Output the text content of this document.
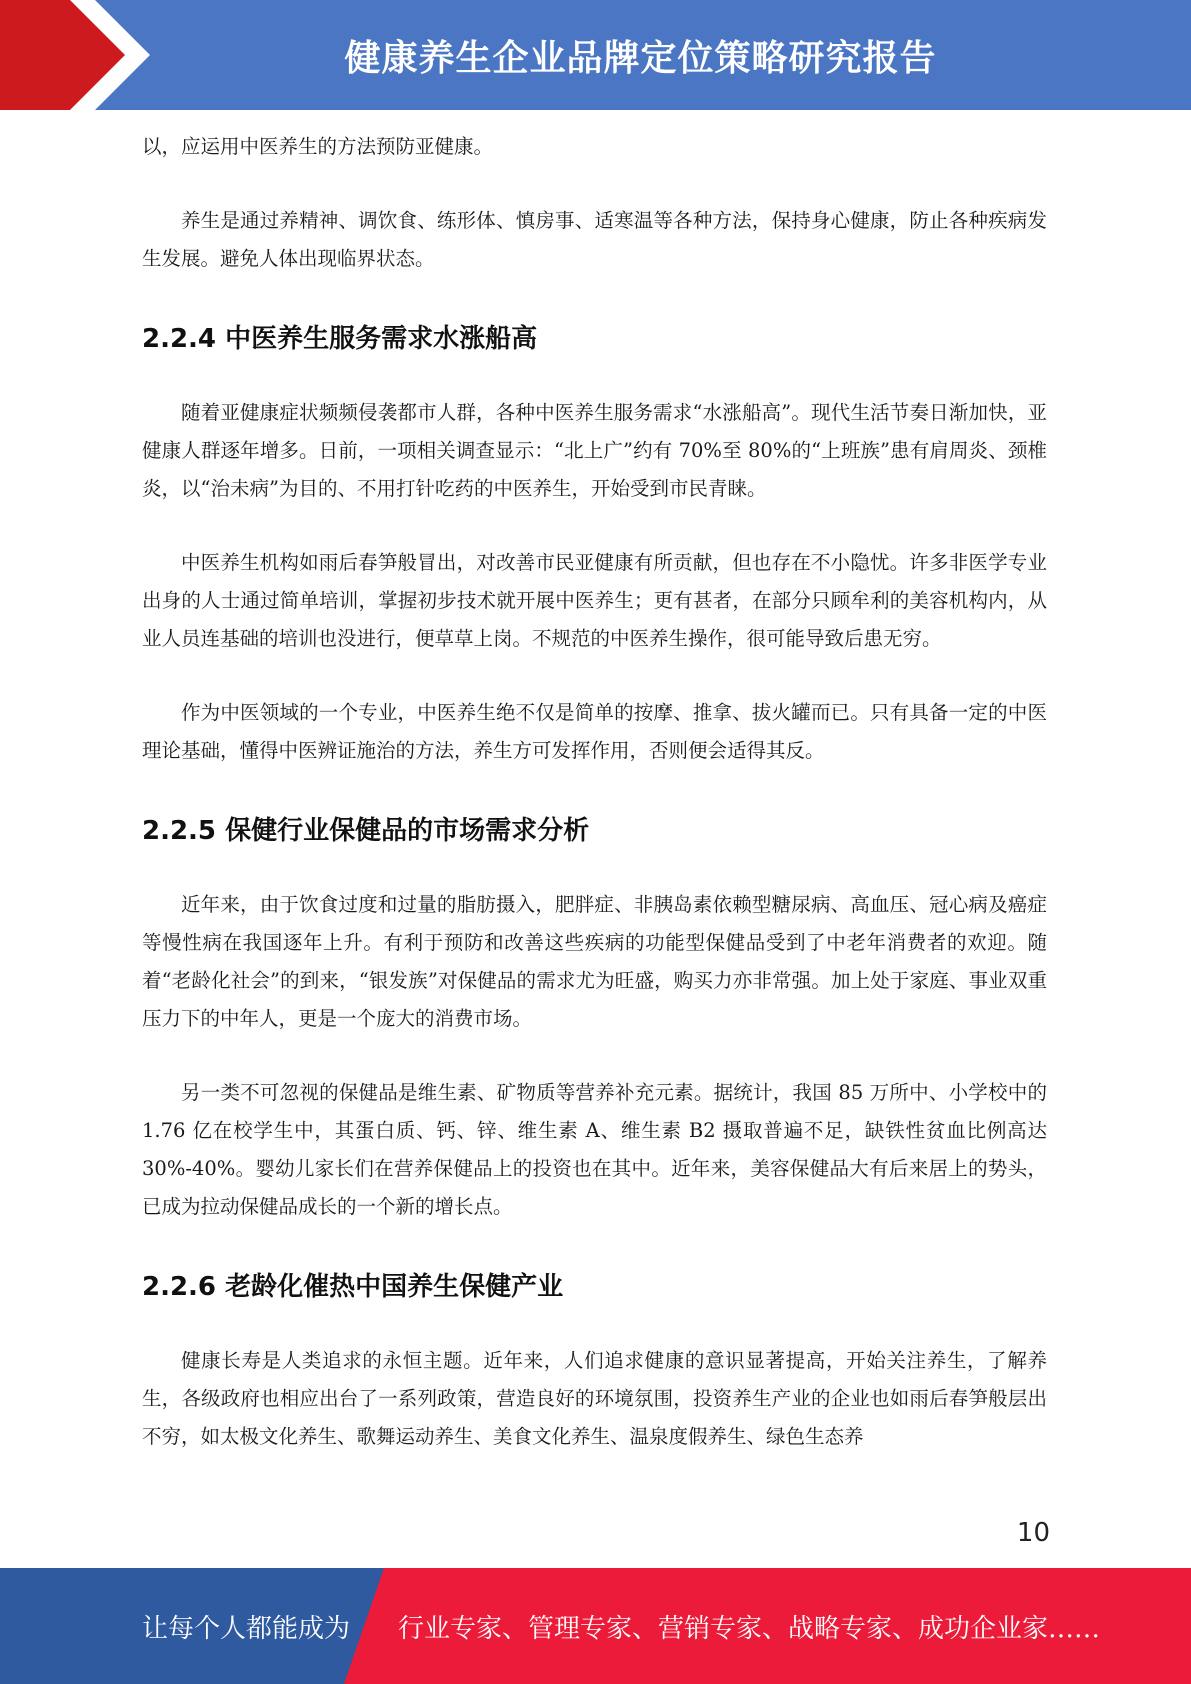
健康养生企业品牌定位策略研究报告

以，应运用中医养生的方法预防亚健康。

养生是通过养精神、调饮食、练形体、慎房事、适寒温等各种方法，保持身心健康，防止各种疾病发生发展。避免人体出现临界状态。

2.2.4 中医养生服务需求水涨船高

随着亚健康症状频频侵袭都市人群，各种中医养生服务需求“水涨船高”。现代生活节奏日渐加快，亚健康人群逐年增多。日前，一项相关调查显示：“北上广”约有 70%至 80%的“上班族”患有肩周炎、颈椎炎，以“治未病”为目的、不用打针吃药的中医养生，开始受到市民青睐。

中医养生机构如雨后春笋般冒出，对改善市民亚健康有所贡献，但也存在不小隐忧。许多非医学专业出身的人士通过简单培训，掌握初步技术就开展中医养生；更有甚者，在部分只顾牟利的美容机构内，从业人员连基础的培训也没进行，便草草上岗。不规范的中医养生操作，很可能导致后患无穷。

作为中医领域的一个专业，中医养生绝不仅是简单的按摩、推拿、拔火罐而已。只有具备一定的中医理论基础，懂得中医辨证施治的方法，养生方可发挥作用，否则便会适得其反。

2.2.5 保健行业保健品的市场需求分析

近年来，由于饮食过度和过量的脂肪摄入，肥胖症、非胰岛素依赖型糖尿病、高血压、冠心病及癌症等慢性病在我国逐年上升。有利于预防和改善这些疾病的功能型保健品受到了中老年消费者的欢迎。随着“老龄化社会”的到来，“银发族”对保健品的需求尤为旺盛，购买力亦非常强。加上处于家庭、事业双重压力下的中年人，更是一个庞大的消费市场。

另一类不可忽视的保健品是维生素、矿物质等营养补充元素。据统计，我国 85 万所中、小学校中的 1.76 亿在校学生中，其蛋白质、钙、锌、维生素 A、维生素 B2 摄取普遍不足，缺铁性贫血比例高达 30%-40%。婴幼儿家长们在营养保健品上的投资也在其中。近年来，美容保健品大有后来居上的势头，已成为拉动保健品成长的一个新的增长点。

2.2.6 老龄化催热中国养生保健产业

健康长寿是人类追求的永恒主题。近年来，人们追求健康的意识显著提高，开始关注养生，了解养生，各级政府也相应出台了一系列政策，营造良好的环境氛围，投资养生产业的企业也如雨后春笋般层出不穷，如太极文化养生、歌舞运动养生、美食文化养生、温泉度假养生、绿色生态养

10
让每个人都能成为 行业专家、管理专家、营销专家、战略专家、成功企业家……
